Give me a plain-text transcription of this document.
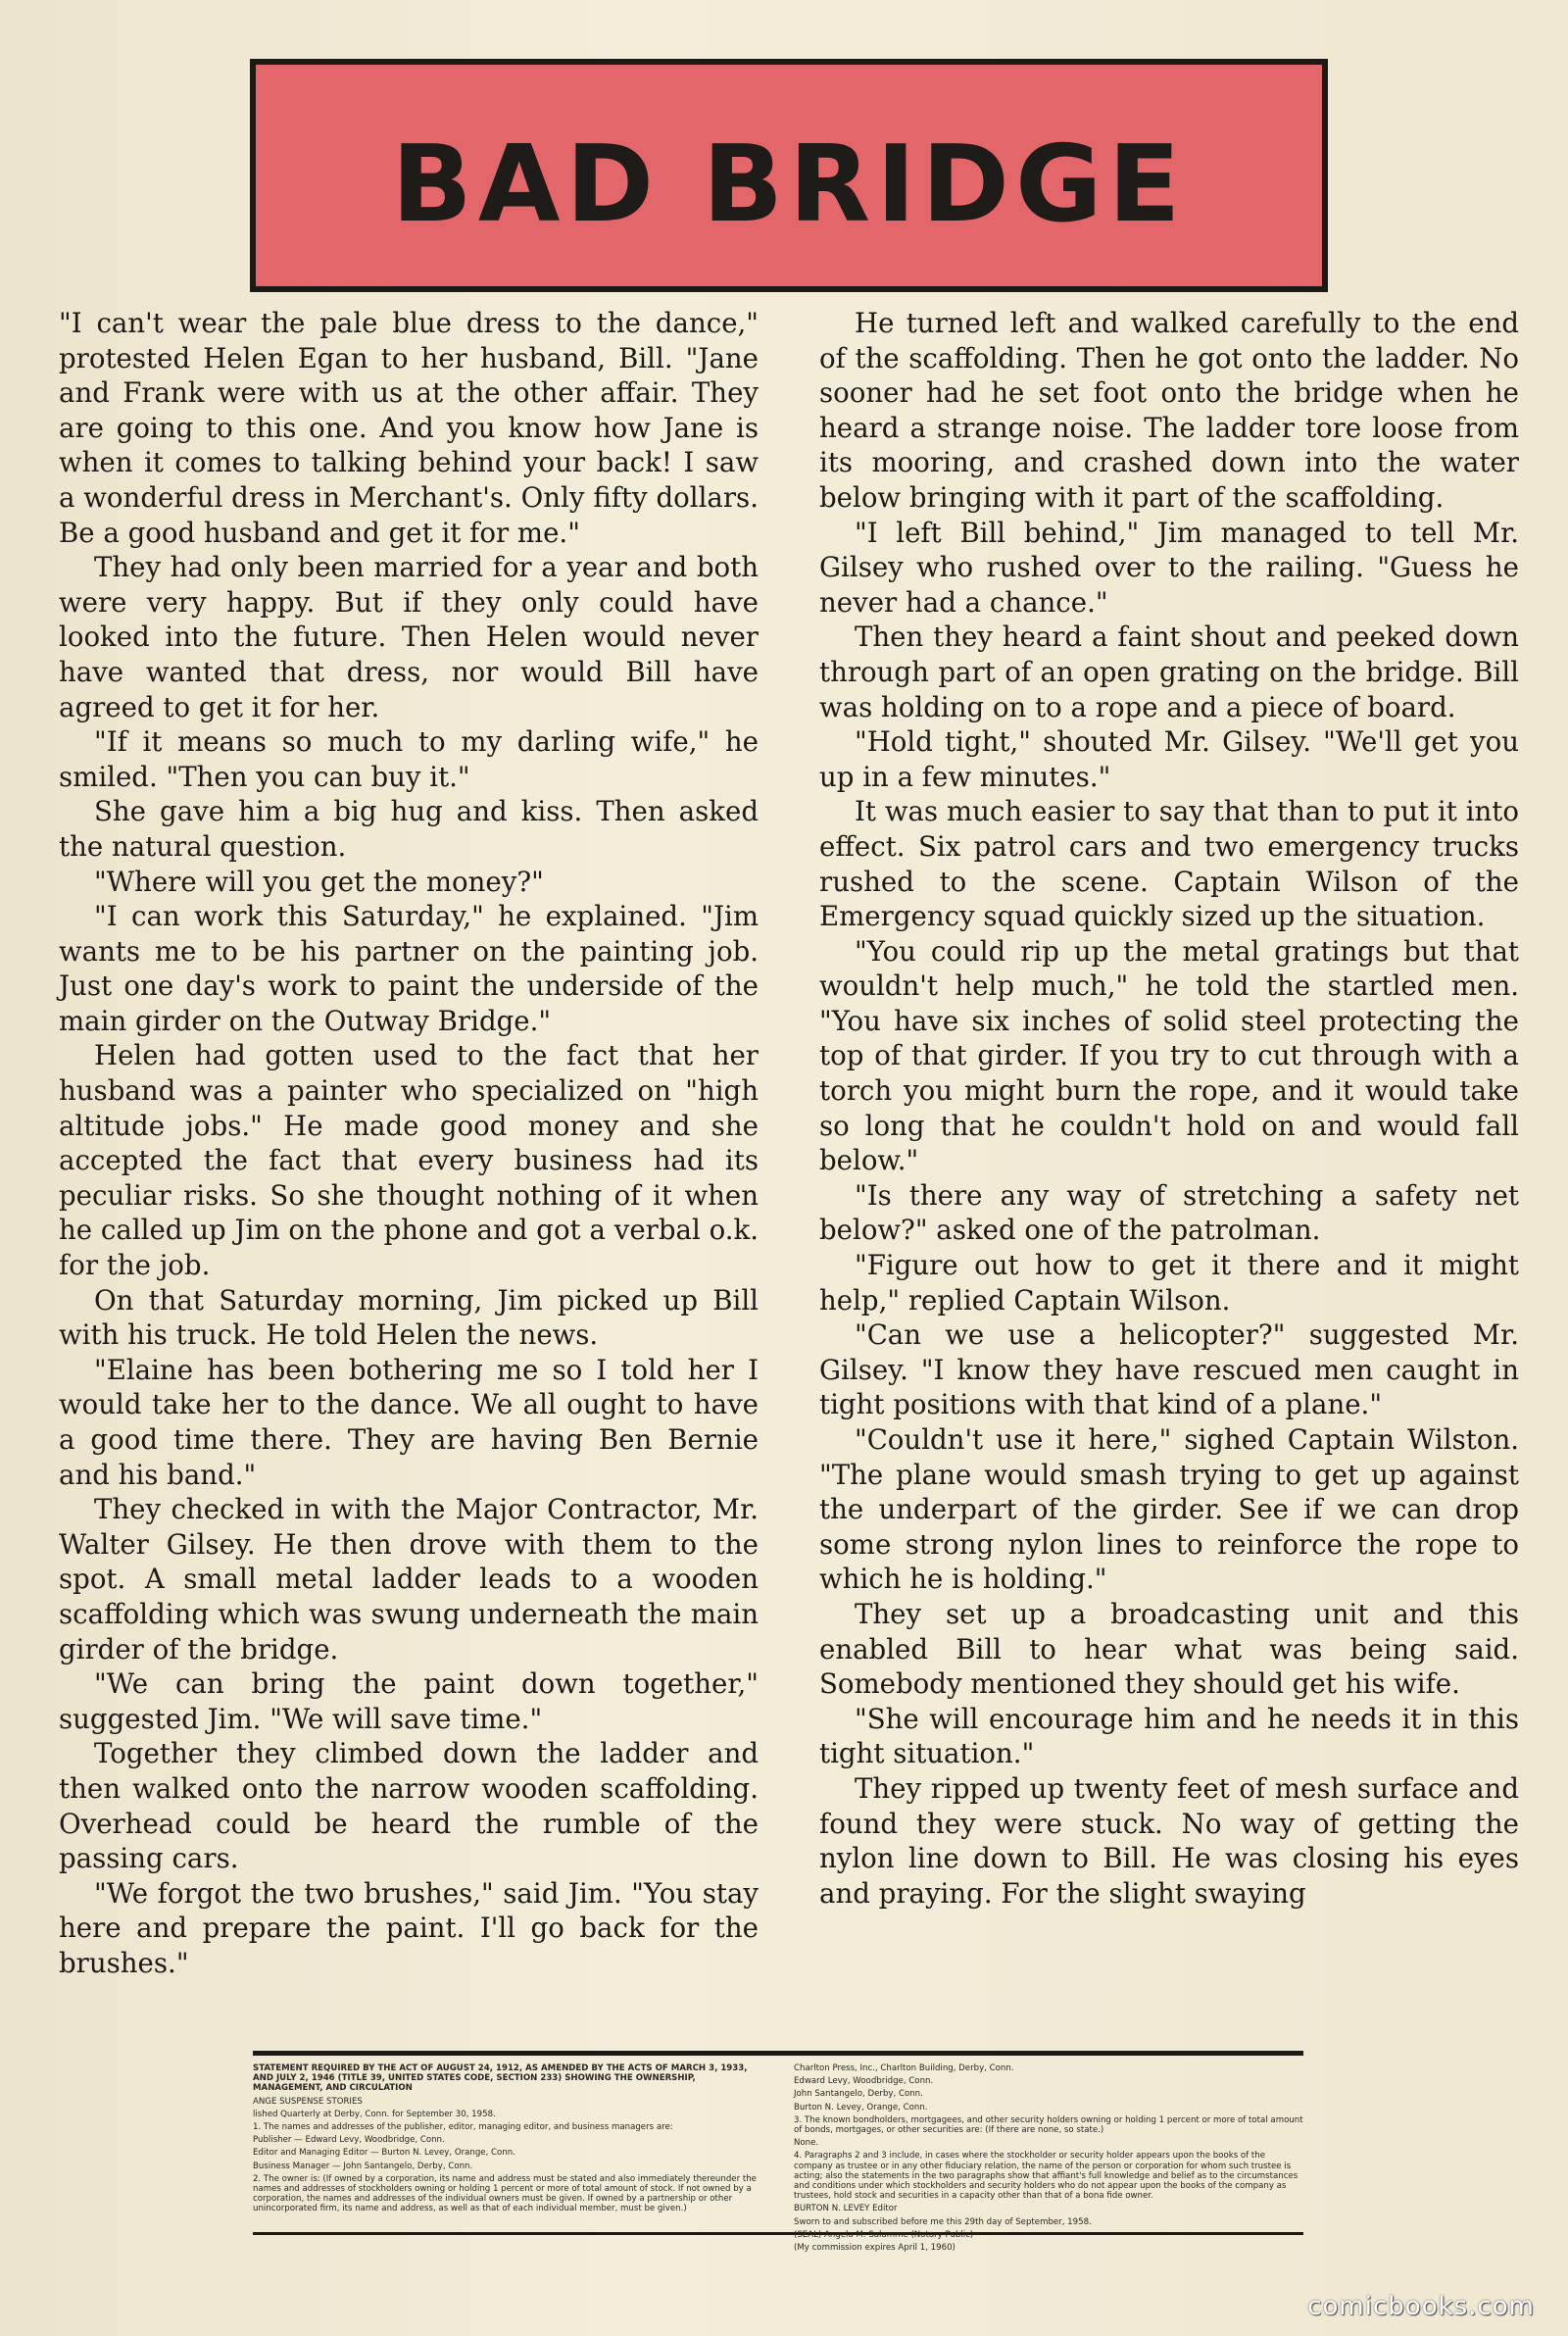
BAD BRIDGE

"I can't wear the pale blue dress to the dance," protested Helen Egan to her husband, Bill. "Jane and Frank were with us at the other affair. They are going to this one. And you know how Jane is when it comes to talking behind your back! I saw a wonderful dress in Merchant's. Only fifty dollars. Be a good husband and get it for me."

They had only been married for a year and both were very happy. But if they only could have looked into the future. Then Helen would never have wanted that dress, nor would Bill have agreed to get it for her.

"If it means so much to my darling wife," he smiled. "Then you can buy it."

She gave him a big hug and kiss. Then asked the natural question.

"Where will you get the money?"

"I can work this Saturday," he explained. "Jim wants me to be his partner on the painting job. Just one day's work to paint the underside of the main girder on the Outway Bridge."

Helen had gotten used to the fact that her husband was a painter who specialized on "high altitude jobs." He made good money and she accepted the fact that every business had its peculiar risks. So she thought nothing of it when he called up Jim on the phone and got a verbal o.k. for the job.

On that Saturday morning, Jim picked up Bill with his truck. He told Helen the news.

"Elaine has been bothering me so I told her I would take her to the dance. We all ought to have a good time there. They are having Ben Bernie and his band."

They checked in with the Major Contractor, Mr. Walter Gilsey. He then drove with them to the spot. A small metal ladder leads to a wooden scaffolding which was swung underneath the main girder of the bridge.

"We can bring the paint down together," suggested Jim. "We will save time."

Together they climbed down the ladder and then walked onto the narrow wooden scaffolding. Overhead could be heard the rumble of the passing cars.

"We forgot the two brushes," said Jim. "You stay here and prepare the paint. I'll go back for the brushes."

He turned left and walked carefully to the end of the scaffolding. Then he got onto the ladder. No sooner had he set foot onto the bridge when he heard a strange noise. The ladder tore loose from its mooring, and crashed down into the water below bringing with it part of the scaffolding.

"I left Bill behind," Jim managed to tell Mr. Gilsey who rushed over to the railing. "Guess he never had a chance."

Then they heard a faint shout and peeked down through part of an open grating on the bridge. Bill was holding on to a rope and a piece of board.

"Hold tight," shouted Mr. Gilsey. "We'll get you up in a few minutes."

It was much easier to say that than to put it into effect. Six patrol cars and two emergency trucks rushed to the scene. Captain Wilson of the Emergency squad quickly sized up the situation.

"You could rip up the metal gratings but that wouldn't help much," he told the startled men. "You have six inches of solid steel protecting the top of that girder. If you try to cut through with a torch you might burn the rope, and it would take so long that he couldn't hold on and would fall below."

"Is there any way of stretching a safety net below?" asked one of the patrolman.

"Figure out how to get it there and it might help," replied Captain Wilson.

"Can we use a helicopter?" suggested Mr. Gilsey. "I know they have rescued men caught in tight positions with that kind of a plane."

"Couldn't use it here," sighed Captain Wilston. "The plane would smash trying to get up against the underpart of the girder. See if we can drop some strong nylon lines to reinforce the rope to which he is holding."

They set up a broadcasting unit and this enabled Bill to hear what was being said. Somebody mentioned they should get his wife.

"She will encourage him and he needs it in this tight situation."

They ripped up twenty feet of mesh surface and found they were stuck. No way of getting the nylon line down to Bill. He was closing his eyes and praying. For the slight swaying

STATEMENT REQUIRED BY THE ACT OF AUGUST 24, 1912, AS AMENDED BY THE ACTS OF MARCH 3, 1933, AND JULY 2, 1946 (TITLE 39, UNITED STATES CODE, SECTION 233) SHOWING THE OWNERSHIP, MANAGEMENT, AND CIRCULATION

ANGE SUSPENSE STORIES

lished Quarterly at Derby, Conn. for September 30, 1958.

1. The names and addresses of the publisher, editor, managing editor, and business managers are:

Publisher — Edward Levy, Woodbridge, Conn.

Editor and Managing Editor — Burton N. Levey, Orange, Conn.

Business Manager — John Santangelo, Derby, Conn.

2. The owner is: (If owned by a corporation, its name and address must be stated and also immediately thereunder the names and addresses of stockholders owning or holding 1 percent or more of total amount of stock. If not owned by a corporation, the names and addresses of the individual owners must be given. If owned by a partnership or other unincorporated firm, its name and address, as well as that of each individual member, must be given.)

Charlton Press, Inc., Charlton Building, Derby, Conn.

Edward Levy, Woodbridge, Conn.

John Santangelo, Derby, Conn.

Burton N. Levey, Orange, Conn.

3. The known bondholders, mortgagees, and other security holders owning or holding 1 percent or more of total amount of bonds, mortgages, or other securities are: (If there are none, so state.)

None.

4. Paragraphs 2 and 3 include, in cases where the stockholder or security holder appears upon the books of the company as trustee or in any other fiduciary relation, the name of the person or corporation for whom such trustee is acting; also the statements in the two paragraphs show that affiant's full knowledge and belief as to the circumstances and conditions under which stockholders and security holders who do not appear upon the books of the company as trustees, hold stock and securities in a capacity other than that of a bona fide owner.

BURTON N. LEVEY Editor

Sworn to and subscribed before me this 29th day of September, 1958.

(SEAL) Angela M. Salamme (Notary Public)

(My commission expires April 1, 1960)

comicbooks.com
